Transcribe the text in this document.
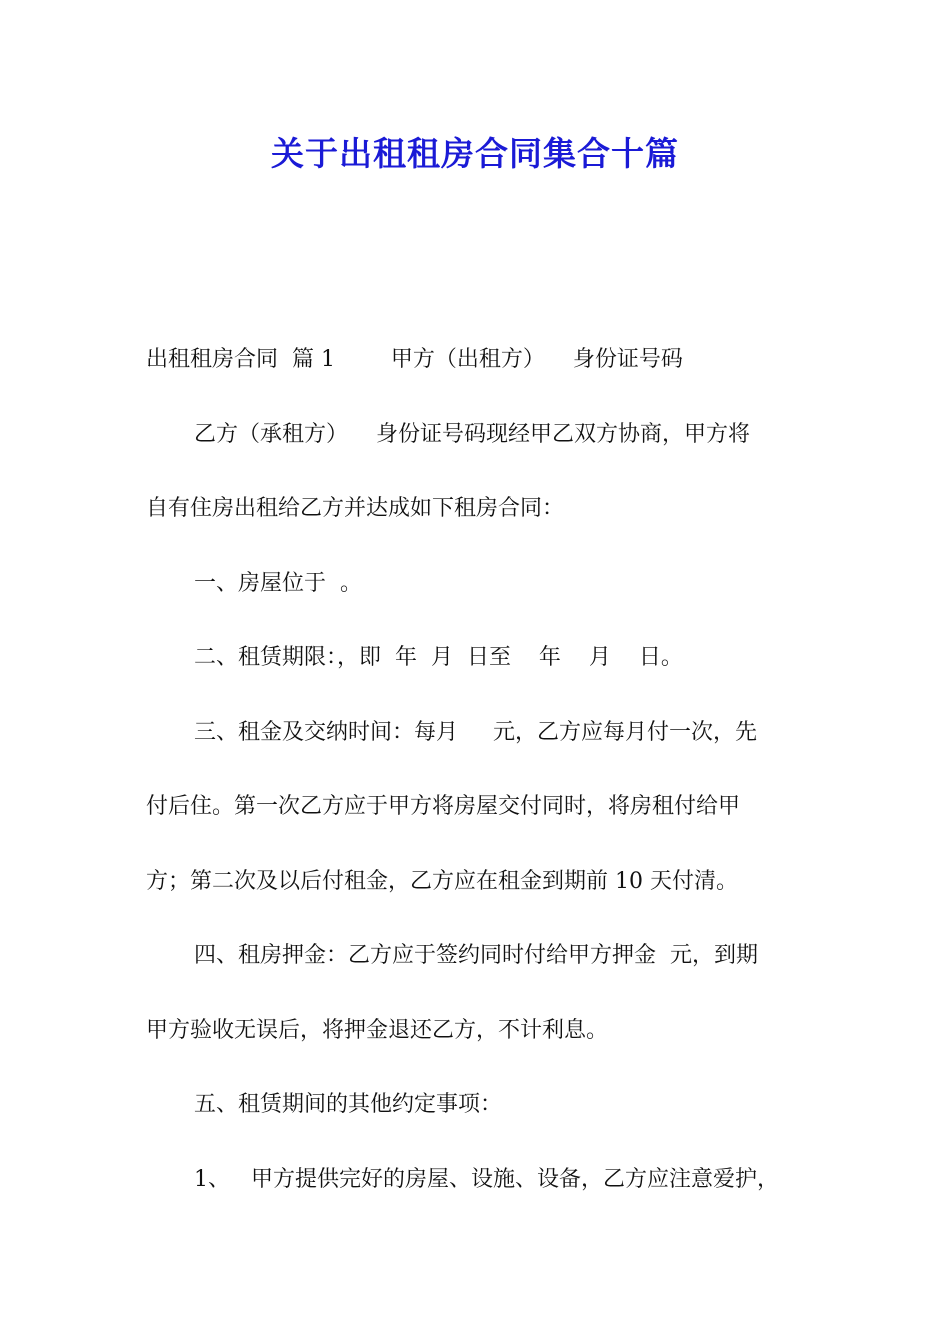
关于出租租房合同集合十篇

出租租房合同  篇 1        甲方（出租方）    身份证号码

乙方（承租方）    身份证号码现经甲乙双方协商，甲方将

自有住房出租给乙方并达成如下租房合同：

一、房屋位于  。

二、租赁期限：，即  年  月  日至    年    月    日。

三、租金及交纳时间：每月     元，乙方应每月付一次，先

付后住。第一次乙方应于甲方将房屋交付同时，将房租付给甲

方；第二次及以后付租金，乙方应在租金到期前 10 天付清。

四、租房押金：乙方应于签约同时付给甲方押金  元，到期

甲方验收无误后，将押金退还乙方，不计利息。

五、租赁期间的其他约定事项：

1、   甲方提供完好的房屋、设施、设备，乙方应注意爱护，
